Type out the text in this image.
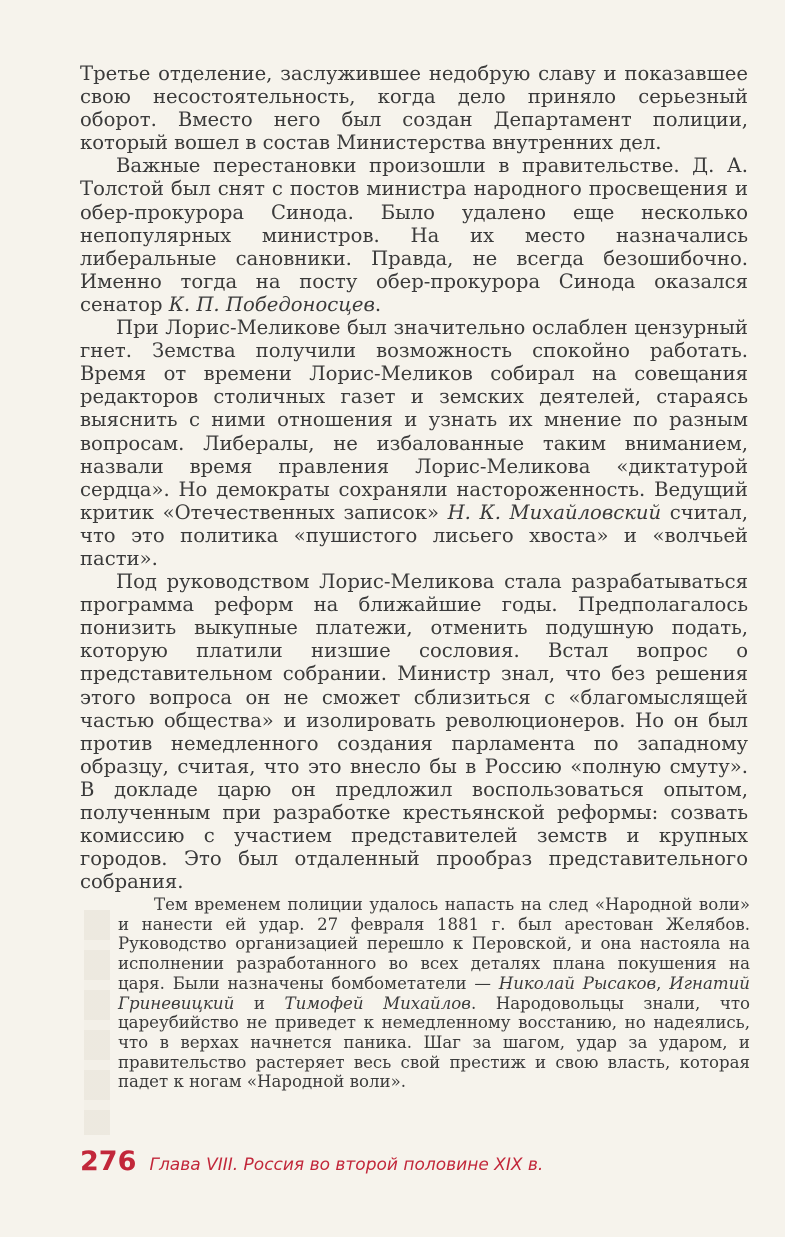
Третье отделение, заслужившее недобрую славу и показавшее свою несостоятельность, когда дело приняло серьезный оборот. Вместо него был создан Департамент полиции, который вошел в состав Министерства внутренних дел.

Важные перестановки произошли в правительстве. Д. А. Толстой был снят с постов министра народного просвещения и обер-прокурора Синода. Было удалено еще несколько непопулярных министров. На их место назначались либеральные сановники. Правда, не всегда безошибочно. Именно тогда на посту обер-прокурора Синода оказался сенатор К. П. Победоносцев.

При Лорис-Меликове был значительно ослаблен цензурный гнет. Земства получили возможность спокойно работать. Время от времени Лорис-Меликов собирал на совещания редакторов столичных газет и земских деятелей, стараясь выяснить с ними отношения и узнать их мнение по разным вопросам. Либералы, не избалованные таким вниманием, назвали время правления Лорис-Меликова «диктатурой сердца». Но демократы сохраняли настороженность. Ведущий критик «Отечественных записок» Н. К. Михайловский считал, что это политика «пушистого лисьего хвоста» и «волчьей пасти».

Под руководством Лорис-Меликова стала разрабатываться программа реформ на ближайшие годы. Предполагалось понизить выкупные платежи, отменить подушную подать, которую платили низшие сословия. Встал вопрос о представительном собрании. Министр знал, что без решения этого вопроса он не сможет сблизиться с «благомыслящей частью общества» и изолировать революционеров. Но он был против немедленного создания парламента по западному образцу, считая, что это внесло бы в Россию «полную смуту». В докладе царю он предложил воспользоваться опытом, полученным при разработке крестьянской реформы: созвать комиссию с участием представителей земств и крупных городов. Это был отдаленный прообраз представительного собрания.

Тем временем полиции удалось напасть на след «Народной воли» и нанести ей удар. 27 февраля 1881 г. был арестован Желябов. Руководство организацией перешло к Перовской, и она настояла на исполнении разработанного во всех деталях плана покушения на царя. Были назначены бомбометатели — Николай Рысаков, Игнатий Гриневицкий и Тимофей Михайлов. Народовольцы знали, что цареубийство не приведет к немедленному восстанию, но надеялись, что в верхах начнется паника. Шаг за шагом, удар за ударом, и правительство растеряет весь свой престиж и свою власть, которая падет к ногам «Народной воли».

276 Глава VIII. Россия во второй половине XIX в.
